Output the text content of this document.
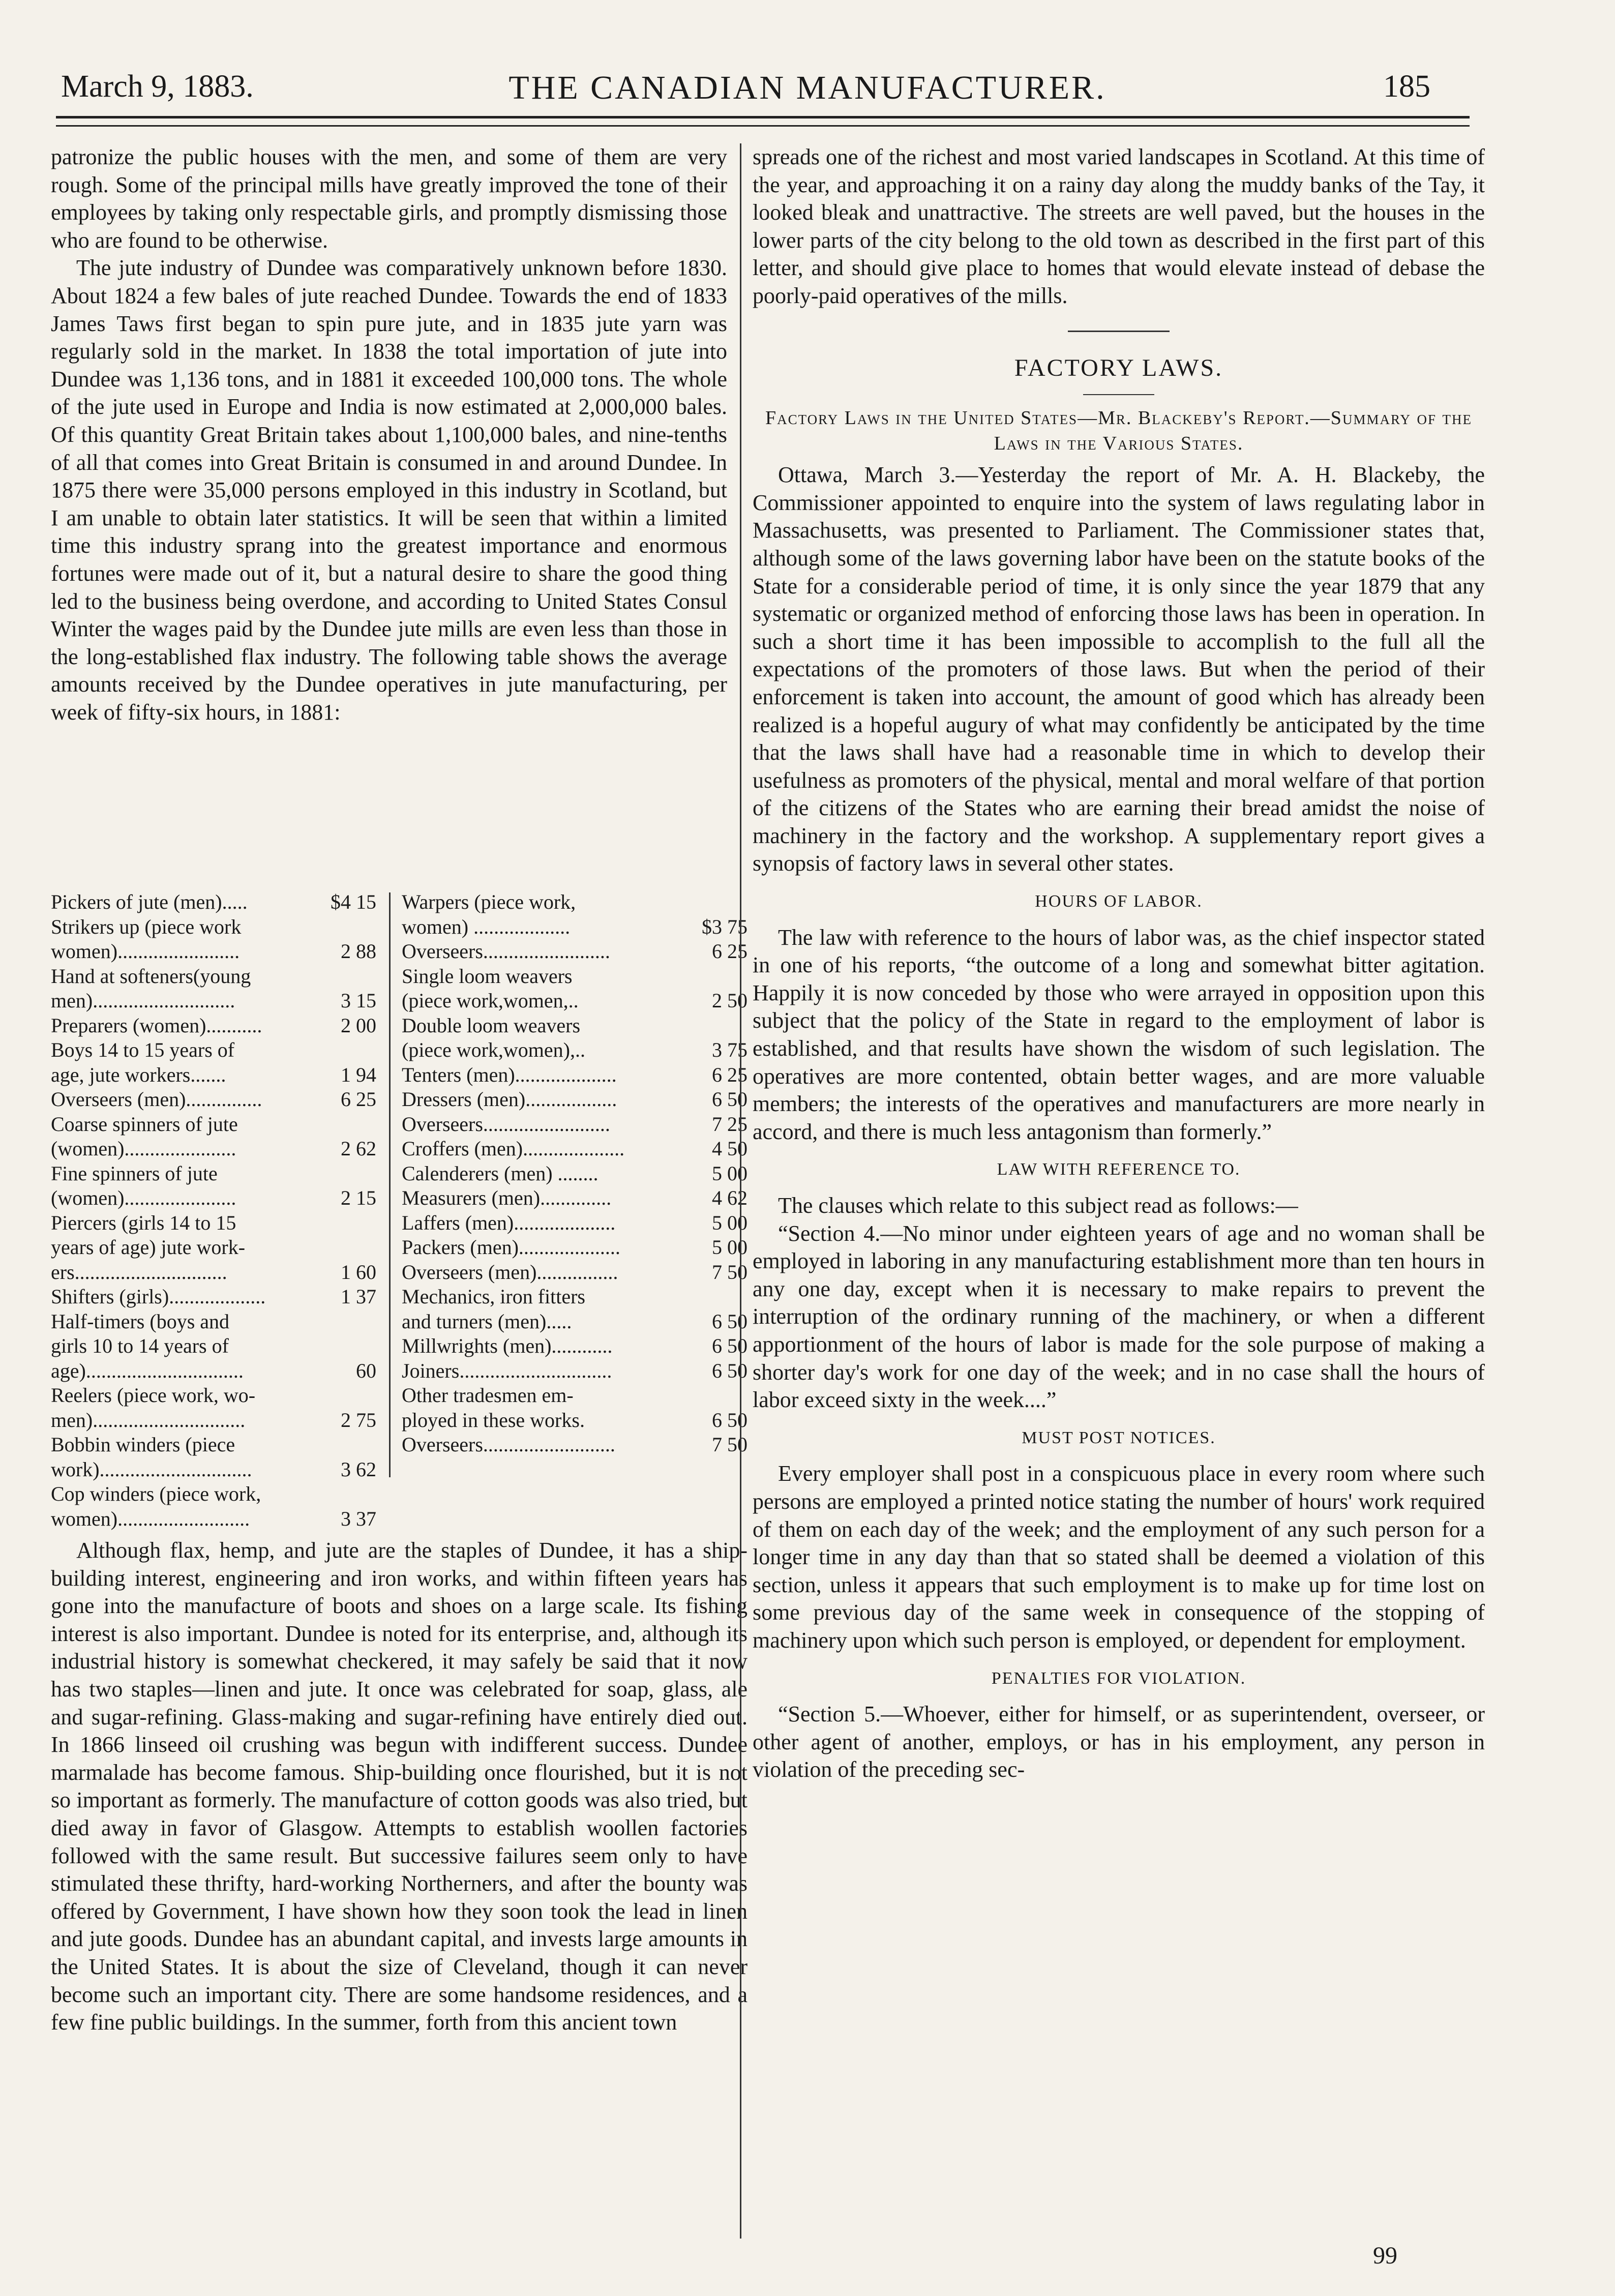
March 9, 1883.	THE CANADIAN MANUFACTURER.	185

patronize the public houses with the men, and some of them are very rough. Some of the principal mills have greatly improved the tone of their employees by taking only respectable girls, and promptly dismissing those who are found to be otherwise.

The jute industry of Dundee was comparatively unknown before 1830. About 1824 a few bales of jute reached Dundee. Towards the end of 1833 James Taws first began to spin pure jute, and in 1835 jute yarn was regularly sold in the market. In 1838 the total importation of jute into Dundee was 1,136 tons, and in 1881 it exceeded 100,000 tons. The whole of the jute used in Europe and India is now estimated at 2,000,000 bales. Of this quantity Great Britain takes about 1,100,000 bales, and nine-tenths of all that comes into Great Britain is consumed in and around Dundee. In 1875 there were 35,000 persons employed in this industry in Scotland, but I am unable to obtain later statistics. It will be seen that within a limited time this industry sprang into the greatest importance and enormous fortunes were made out of it, but a natural desire to share the good thing led to the business being overdone, and according to United States Consul Winter the wages paid by the Dundee jute mills are even less than those in the long-established flax industry. The following table shows the average amounts received by the Dundee operatives in jute manufacturing, per week of fifty-six hours, in 1881:

Pickers of jute (men).....	$4 15
Strikers up (piece work
women)........................	2 88
Hand at softeners(young
men)............................	3 15
Preparers (women)...........	2 00
Boys 14 to 15 years of
age, jute workers.......	1 94
Overseers (men)...............	6 25
Coarse spinners of jute
(women)......................	2 62
Fine spinners of jute
(women)......................	2 15
Piercers (girls 14 to 15
years of age) jute work-
ers..............................	1 60
Shifters (girls)...................	1 37
Half-timers (boys and
girls 10 to 14 years of
age)...............................	60
Reelers (piece work, wo-
men)..............................	2 75
Bobbin winders (piece
work)..............................	3 62
Cop winders (piece work,
women)..........................	3 37
Warpers (piece work,
women) ...................	$3 75
Overseers.........................	6 25
Single loom weavers
(piece work,women,..	2 50
Double loom weavers
(piece work,women),..	3 75
Tenters (men)....................	6 25
Dressers (men)..................	6 50
Overseers.........................	7 25
Croffers (men)....................	4 50
Calenderers (men) ........	5 00
Measurers (men)..............	4 62
Laffers (men)....................	5 00
Packers (men)....................	5 00
Overseers (men)................	7 50
Mechanics, iron fitters
and turners (men).....	6 50
Millwrights (men)............	6 50
Joiners..............................	6 50
Other tradesmen em-
ployed in these works.	6 50
Overseers..........................	7 50

Although flax, hemp, and jute are the staples of Dundee, it has a ship-building interest, engineering and iron works, and within fifteen years has gone into the manufacture of boots and shoes on a large scale. Its fishing interest is also important. Dundee is noted for its enterprise, and, although its industrial history is somewhat checkered, it may safely be said that it now has two staples—linen and jute. It once was celebrated for soap, glass, ale and sugar-refining. Glass-making and sugar-refining have entirely died out. In 1866 linseed oil crushing was begun with indifferent success. Dundee marmalade has become famous. Ship-building once flourished, but it is not so important as formerly. The manufacture of cotton goods was also tried, but died away in favor of Glasgow. Attempts to establish woollen factories followed with the same result. But successive failures seem only to have stimulated these thrifty, hard-working Northerners, and after the bounty was offered by Government, I have shown how they soon took the lead in linen and jute goods. Dundee has an abundant capital, and invests large amounts in the United States. It is about the size of Cleveland, though it can never become such an important city. There are some handsome residences, and a few fine public buildings. In the summer, forth from this ancient town

spreads one of the richest and most varied landscapes in Scotland. At this time of the year, and approaching it on a rainy day along the muddy banks of the Tay, it looked bleak and unattractive. The streets are well paved, but the houses in the lower parts of the city belong to the old town as described in the first part of this letter, and should give place to homes that would elevate instead of debase the poorly-paid operatives of the mills.

FACTORY LAWS.
Factory Laws in the United States—Mr. Blackeby's Report.—Summary of the Laws in the Various States.

Ottawa, March 3.—Yesterday the report of Mr. A. H. Blackeby, the Commissioner appointed to enquire into the system of laws regulating labor in Massachusetts, was presented to Parliament. The Commissioner states that, although some of the laws governing labor have been on the statute books of the State for a considerable period of time, it is only since the year 1879 that any systematic or organized method of enforcing those laws has been in operation. In such a short time it has been impossible to accomplish to the full all the expectations of the promoters of those laws. But when the period of their enforcement is taken into account, the amount of good which has already been realized is a hopeful augury of what may confidently be anticipated by the time that the laws shall have had a reasonable time in which to develop their usefulness as promoters of the physical, mental and moral welfare of that portion of the citizens of the States who are earning their bread amidst the noise of machinery in the factory and the workshop. A supplementary report gives a synopsis of factory laws in several other states.

HOURS OF LABOR.

The law with reference to the hours of labor was, as the chief inspector stated in one of his reports, “the outcome of a long and somewhat bitter agitation. Happily it is now conceded by those who were arrayed in opposition upon this subject that the policy of the State in regard to the employment of labor is established, and that results have shown the wisdom of such legislation. The operatives are more contented, obtain better wages, and are more valuable members; the interests of the operatives and manufacturers are more nearly in accord, and there is much less antagonism than formerly.”

LAW WITH REFERENCE TO.

The clauses which relate to this subject read as follows:—

“Section 4.—No minor under eighteen years of age and no woman shall be employed in laboring in any manufacturing establishment more than ten hours in any one day, except when it is necessary to make repairs to prevent the interruption of the ordinary running of the machinery, or when a different apportionment of the hours of labor is made for the sole purpose of making a shorter day's work for one day of the week; and in no case shall the hours of labor exceed sixty in the week....”

MUST POST NOTICES.

Every employer shall post in a conspicuous place in every room where such persons are employed a printed notice stating the number of hours' work required of them on each day of the week; and the employment of any such person for a longer time in any day than that so stated shall be deemed a violation of this section, unless it appears that such employment is to make up for time lost on some previous day of the same week in consequence of the stopping of machinery upon which such person is employed, or dependent for employment.

PENALTIES FOR VIOLATION.

“Section 5.—Whoever, either for himself, or as superintendent, overseer, or other agent of another, employs, or has in his employment, any person in violation of the preceding sec-

99
